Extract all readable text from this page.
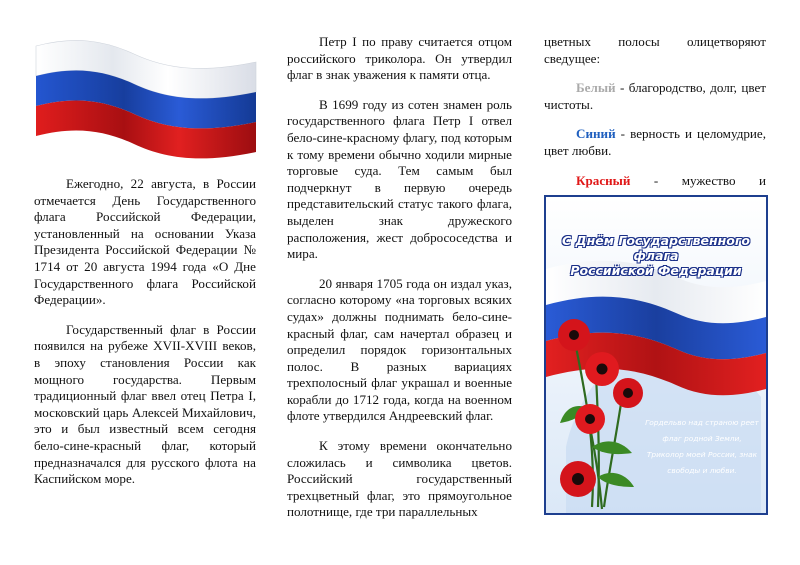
Ежегодно, 22 августа, в России отмечается День Государственного флага Российской Федерации, установленный на основании Указа Президента Российской Федерации № 1714 от 20 августа 1994 года «О Дне Государственного флага Российской Федерации».

Государственный флаг в России появился на рубеже XVII-XVIII веков, в эпоху становления России как мощного государства. Первым традиционный флаг ввел отец Петра I, московский царь Алексей Михайлович, это и был известный всем сегодня бело-сине-красный флаг, который предназначался для русского флота на Каспийском море.

Петр I по праву считается отцом российского триколора. Он утвердил флаг в знак уважения к памяти отца.

В 1699 году из сотен знамен роль государственного флага Петр I отвел бело-сине-красному флагу, под которым к тому времени обычно ходили мирные торговые суда. Тем самым был подчеркнут в первую очередь представительский статус такого флага, выделен знак дружеского расположения, жест добрососедства и мира.

20 января 1705 года он издал указ, согласно которому «на торговых всяких судах» должны поднимать бело-сине-красный флаг, сам начертал образец и определил порядок горизонтальных полос. В разных вариациях трехполосный флаг украшал и военные корабли до 1712 года, когда на военном флоте утвердился Андреевский флаг.

К этому времени окончательно сложилась и символика цветов. Российский государственный трехцветный флаг, это прямоугольное полотнище, где три параллельных

цветных полосы олицетворяют сведущее:
Белый - благородство, долг, цвет чистоты.
Синий - верность и целомудрие, цвет любви.
Красный - мужество и
С Днём Государственного флага
Российской Федерации
Гордельво над страною реет
флаг родной Земли,
Триколор моей России, знак
свободы и любви.
